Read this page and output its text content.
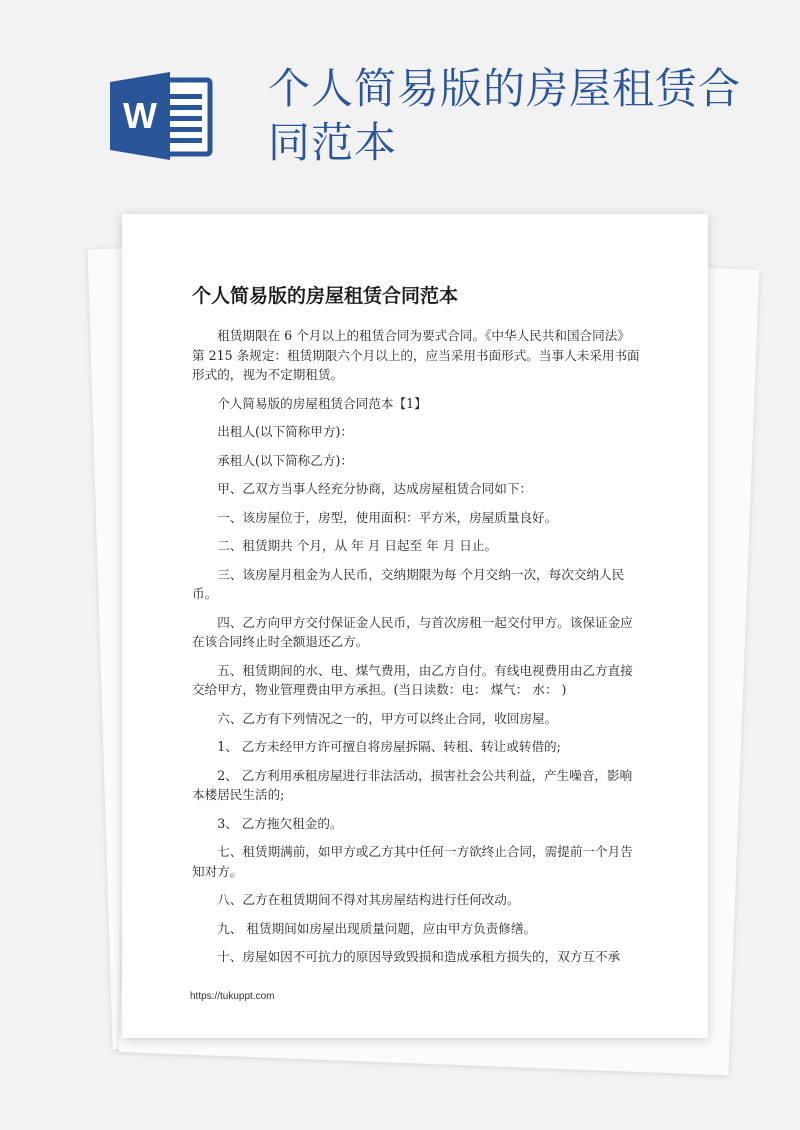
W
个人简易版的房屋租赁合同范本
个人简易版的房屋租赁合同范本

租赁期限在 6 个月以上的租赁合同为要式合同。《中华人民共和国合同法》第 215 条规定：租赁期限六个月以上的，应当采用书面形式。当事人未采用书面形式的，视为不定期租赁。

个人简易版的房屋租赁合同范本【1】

出租人(以下简称甲方)：

承租人(以下简称乙方)：

甲、乙双方当事人经充分协商，达成房屋租赁合同如下：

一、该房屋位于，房型，使用面积：平方米，房屋质量良好。

二、租赁期共 个月，从 年 月 日起至 年 月 日止。

三、该房屋月租金为人民币，交纳期限为每 个月交纳一次，每次交纳人民币。

四、乙方向甲方交付保证金人民币，与首次房租一起交付甲方。该保证金应在该合同终止时全额退还乙方。

五、租赁期间的水、电、煤气费用，由乙方自付。有线电视费用由乙方直接交给甲方，物业管理费由甲方承担。(当日读数：电： 煤气： 水： )

六、乙方有下列情况之一的，甲方可以终止合同，收回房屋。

1、 乙方未经甲方许可擅自将房屋拆隔、转租、转让或转借的;

2、 乙方利用承租房屋进行非法活动，损害社会公共利益，产生噪音，影响本楼居民生活的;

3、 乙方拖欠租金的。

七、租赁期满前，如甲方或乙方其中任何一方欲终止合同，需提前一个月告知对方。

八、乙方在租赁期间不得对其房屋结构进行任何改动。

九、 租赁期间如房屋出现质量问题，应由甲方负责修缮。

十、房屋如因不可抗力的原因导致毁损和造成承租方损失的，双方互不承

https://tukuppt.com
